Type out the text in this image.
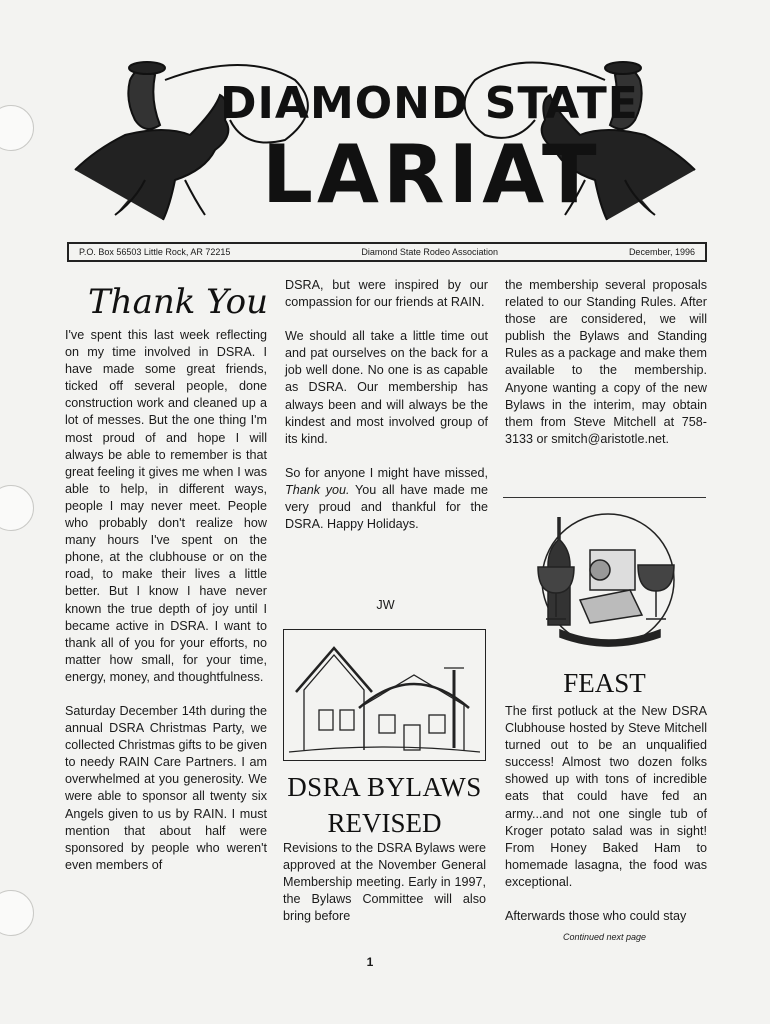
DIAMOND STATE
LARIAT
P.O. Box 56503 Little Rock, AR 72215	Diamond State Rodeo Association	December, 1996
Thank You

I've spent this last week reflecting on my time involved in DSRA. I have made some great friends, ticked off several people, done construction work and cleaned up a lot of messes. But the one thing I'm most proud of and hope I will always be able to remember is that great feeling it gives me when I was able to help, in different ways, people I may never meet. People who probably don't realize how many hours I've spent on the phone, at the clubhouse or on the road, to make their lives a little better. But I know I have never known the true depth of joy until I became active in DSRA. I want to thank all of you for your efforts, no matter how small, for your time, energy, money, and thoughtfulness.

Saturday December 14th during the annual DSRA Christmas Party, we collected Christmas gifts to be given to needy RAIN Care Partners. I am overwhelmed at you generosity. We were able to sponsor all twenty six Angels given to us by RAIN. I must mention that about half were sponsored by people who weren't even members of

DSRA, but were inspired by our compassion for our friends at RAIN.

We should all take a little time out and pat ourselves on the back for a job well done. No one is as capable as DSRA. Our membership has always been and will always be the kindest and most involved group of its kind.

So for anyone I might have missed, Thank you. You all have made me very proud and thankful for the DSRA. Happy Holidays.

JW
DSRA BYLAWS
REVISED

Revisions to the DSRA Bylaws were approved at the November General Membership meeting. Early in 1997, the Bylaws Committee will also bring before

the membership several proposals related to our Standing Rules. After those are considered, we will publish the Bylaws and Standing Rules as a package and make them available to the membership. Anyone wanting a copy of the new Bylaws in the interim, may obtain them from Steve Mitchell at 758-3133 or smitch@aristotle.net.

FEAST

The first potluck at the New DSRA Clubhouse hosted by Steve Mitchell turned out to be an unqualified success! Almost two dozen folks showed up with tons of incredible eats that could have fed an army...and not one single tub of Kroger potato salad was in sight! From Honey Baked Ham to homemade lasagna, the food was exceptional.

Afterwards those who could stay

Continued next page
1
